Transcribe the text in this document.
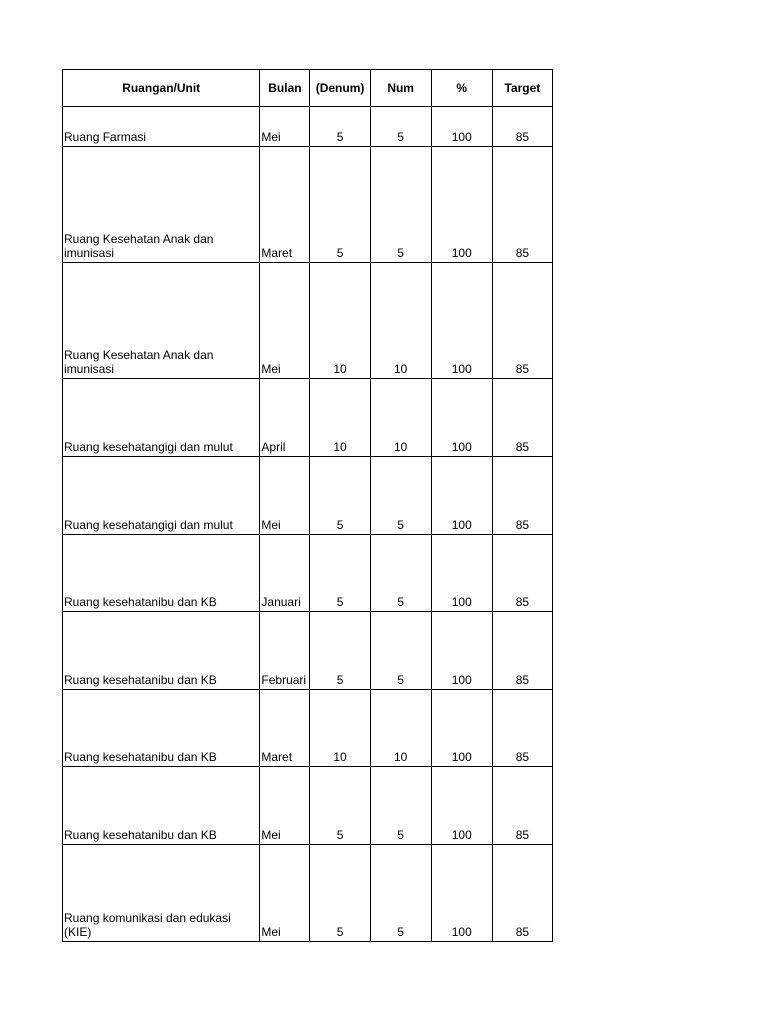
Ruangan/Unit	Bulan	(Denum)	Num	%	Target
Ruang Farmasi	Mei	5	5	100	85
Ruang Kesehatan Anak dan imunisasi	Maret	5	5	100	85
Ruang Kesehatan Anak dan imunisasi	Mei	10	10	100	85
Ruang kesehatangigi dan mulut	April	10	10	100	85
Ruang kesehatangigi dan mulut	Mei	5	5	100	85
Ruang kesehatanibu dan KB	Januari	5	5	100	85
Ruang kesehatanibu dan KB	Februari	5	5	100	85
Ruang kesehatanibu dan KB	Maret	10	10	100	85
Ruang kesehatanibu dan KB	Mei	5	5	100	85
Ruang komunikasi dan edukasi (KIE)	Mei	5	5	100	85
